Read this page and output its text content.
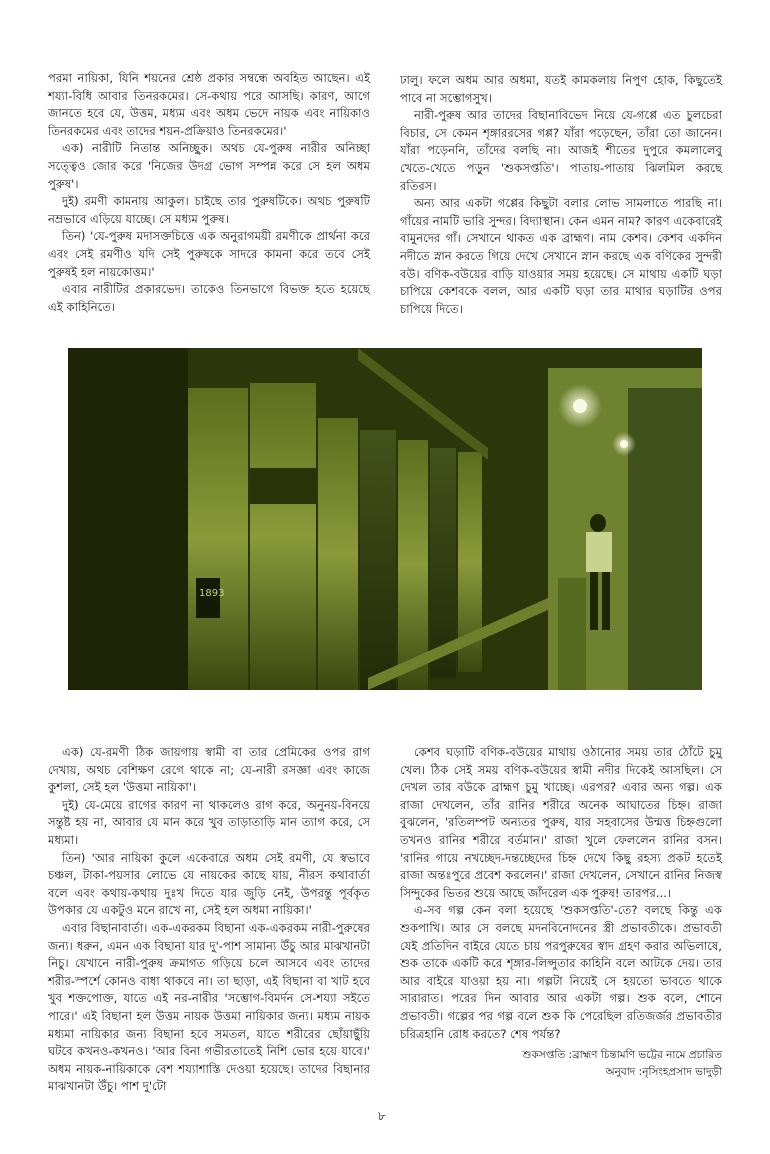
পরমা নায়িকা, যিনি শয়নের শ্রেষ্ঠ প্রকার সম্বন্ধে অবহিত আছেন। এই শয্যা-বিধি আবার তিনরকমের। সে-কথায় পরে আসছি। কারণ, আগে জানতে হবে যে, উত্তম, মধ্যম এবং অধম ভেদে নায়ক এবং নায়িকাও তিনরকমের এবং তাদের শয়ন-প্রক্রিয়াও তিনরকমের।'

এক) নারীটি নিতান্ত অনিচ্ছুক। অথচ যে-পুরুষ নারীর অনিচ্ছা সত্ত্বেও জোর করে 'নিজের উদগ্র ভোগ সম্পন্ন করে সে হল অধম পুরুষ'।

দুই) রমণী কামনায় আকুল। চাইছে তার পুরুষটিকে। অথচ পুরুষটি নম্রভাবে এড়িয়ে যাচ্ছে। সে মধ্যম পুরুষ।

তিন) 'যে-পুরুষ মদাসক্তচিত্তে এক অনুরাগময়ী রমণীকে প্রার্থনা করে এবং সেই রমণীও যদি সেই পুরুষকে সাদরে কামনা করে তবে সেই পুরুষই হল নায়কোত্তম।'

এবার নারীটির প্রকারভেদ। তাকেও তিনভাগে বিভক্ত হতে হয়েছে এই কাহিনিতে।

ঢালু। ফলে অধম আর অধমা, যতই কামকলায় নিপুণ হোক, কিছুতেই পাবে না সম্ভোগসুখ।

নারী-পুরুষ আর তাদের বিছানাবিভেদ নিয়ে যে-গপ্পে এত চুলচেরা বিচার, সে কেমন শৃঙ্গাররসের গপ্প? যাঁরা পড়েছেন, তাঁরা তো জানেন। যাঁরা পড়েননি, তাঁদের বলছি না। আজই শীতের দুপুরে কমলালেবু খেতে-খেতে পড়ুন 'শুকসপ্ততি'। পাতায়-পাতায় ঝিলমিল করছে রতিরস।

অন্য আর একটা গপ্পের কিছুটা বলার লোভ সামলাতে পারছি না। গাঁয়ের নামটি ভারি সুন্দর। বিদ্যাস্থান। কেন এমন নাম? কারণ একেবারেই বামুনদের গাঁ। সেখানে থাকত এক ব্রাহ্মণ। নাম কেশব। কেশব একদিন নদীতে স্নান করতে গিয়ে দেখে সেখানে স্নান করছে এক বণিকের সুন্দরী বউ। বণিক-বউয়ের বাড়ি যাওয়ার সময় হয়েছে। সে মাথায় একটি ঘড়া চাপিয়ে কেশবকে বলল, আর একটি ঘড়া তার মাথার ঘড়াটির ওপর চাপিয়ে দিতে।

1893

এক) যে-রমণী ঠিক জায়গায় স্বামী বা তার প্রেমিকের ওপর রাগ দেখায়, অথচ বেশিক্ষণ রেগে থাকে না; যে-নারী রসজ্ঞা এবং কাজে কুশলা, সেই হল 'উত্তমা নায়িকা'।

দুই) যে-মেয়ে রাগের কারণ না থাকলেও রাগ করে, অনুনয়-বিনয়ে সন্তুষ্ট হয় না, আবার যে মান করে খুব তাড়াতাড়ি মান ত্যাগ করে, সে মধ্যমা।

তিন) 'আর নায়িকা কুলে একেবারে অধম সেই রমণী, যে স্বভাবে চঞ্চল, টাকা-পয়সার লোভে যে নায়কের কাছে যায়, নীরস কথাবার্তা বলে এবং কথায়-কথায় দুঃখ দিতে যার জুড়ি নেই, উপরন্তু পূর্বকৃত উপকার যে একটুও মনে রাখে না, সেই হল অধমা নায়িকা।'

এবার বিছানাবার্তা। এক-একরকম বিছানা এক-একরকম নারী-পুরুষের জন্য। ধরুন, এমন এক বিছানা যার দু'-পাশ সামান্য উঁচু আর মাঝখানটা নিচু। যেখানে নারী-পুরুষ ক্রমাগত গড়িয়ে চলে আসবে এবং তাদের শরীর-স্পর্শে কোনও বাধা থাকবে না। তা ছাড়া, এই বিছানা বা খাট হবে খুব শক্তপোক্ত, যাতে এই নর-নারীর 'সম্ভোগ-বিমর্দন সে-শয্যা সইতে পারে।' এই বিছানা হল উত্তম নায়ক উত্তমা নায়িকার জন্য। মধ্যম নায়ক মধ্যমা নায়িকার জন্য বিছানা হবে সমতল, যাতে শরীরের ছোঁয়াছুঁয়ি ঘটবে কখনও-কখনও। 'আর বিনা গভীরতাতেই নিশি ভোর হয়ে যাবে।' অধম নায়ক-নায়িকাকে বেশ শয্যাশাস্তি দেওয়া হয়েছে। তাদের বিছানার মাঝখানটা উঁচু। পাশ দু'টো

কেশব ঘড়াটি বণিক-বউয়ের মাথায় ওঠানোর সময় তার ঠোঁটে চুমু খেল। ঠিক সেই সময় বণিক-বউয়ের স্বামী নদীর দিকেই আসছিল। সে দেখল তার বউকে ব্রাহ্মণ চুমু খাচ্ছে। এরপর? এবার অন্য গল্প। এক রাজা দেখলেন, তাঁর রানির শরীরে অনেক আঘাতের চিহ্ন। রাজা বুঝলেন, 'রতিলম্পট অন্যতর পুরুষ, যার সহবাসের উন্মত্ত চিহ্নগুলো তখনও রানির শরীরে বর্তমান।' রাজা খুলে ফেললেন রানির বসন। 'রানির গায়ে নখচ্ছেদ-দন্তচ্ছেদের চিহ্ন দেখে কিছু রহস্য প্রকট হতেই রাজা অন্তঃপুরে প্রবেশ করলেন।' রাজা দেখলেন, সেখানে রানির নিজস্ব সিন্দুকের ভিতর শুয়ে আছে জাঁদরেল এক পুরুষ! তারপর...।

এ-সব গল্প কেন বলা হয়েছে 'শুকসপ্ততি'-তে? বলছে কিন্তু এক শুকপাখি। আর সে বলছে মদনবিনোদনের স্ত্রী প্রভাবতীকে। প্রভাবতী যেই প্রতিদিন বাইরে যেতে চায় পরপুরুষের স্বাদ গ্রহণ করার অভিলাষে, শুক তাকে একটি করে শৃঙ্গার-লিপ্সুতার কাহিনি বলে আটকে দেয়। তার আর বাইরে যাওয়া হয় না। গল্পটা নিয়েই সে হয়তো ভাবতে থাকে সারারাত। পরের দিন আবার আর একটা গল্প। শুক বলে, শোনে প্রভাবতী। গল্পের পর গল্প বলে শুক কি পেরেছিল রতিজর্জর প্রভাবতীর চরিত্রহানি রোধ করতে? শেষ পর্যন্ত?

শুকসপ্ততি :ব্রাহ্মণ চিন্তামণি ভট্টের নামে প্রচারিত
অনুবাদ :নৃসিংহপ্রসাদ ভাদুড়ী
৮
